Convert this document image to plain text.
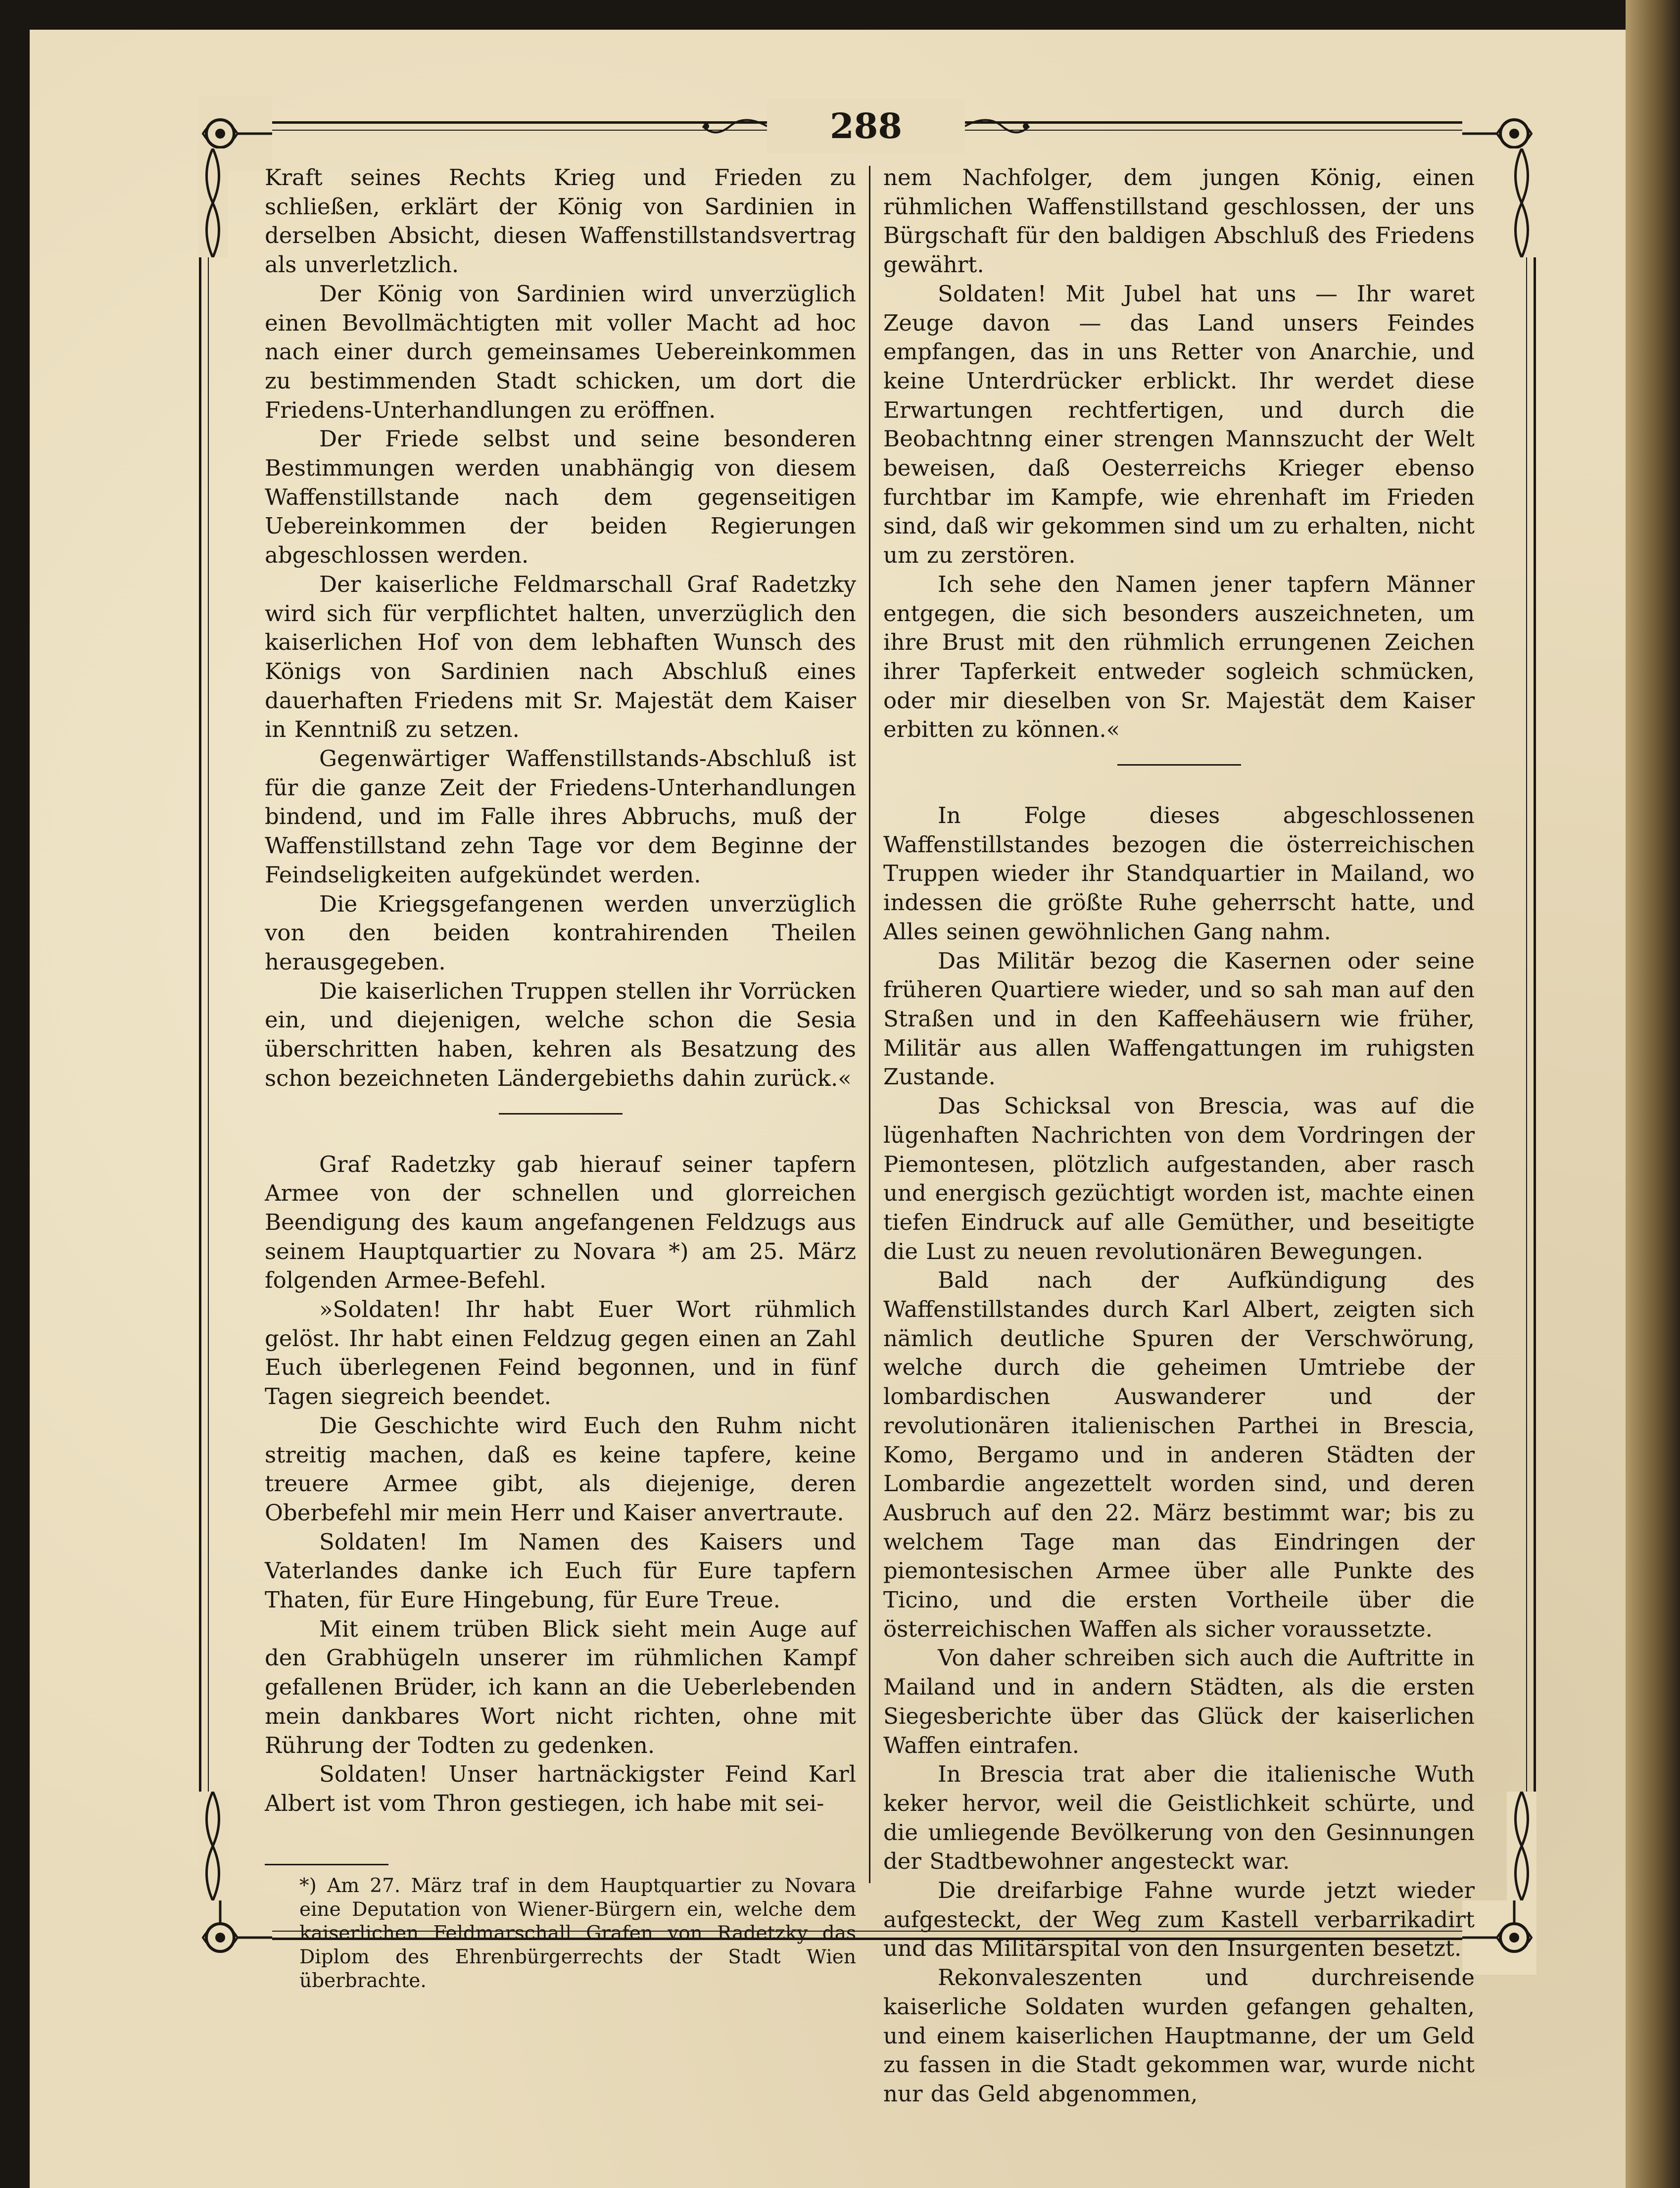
288

Kraft seines Rechts Krieg und Frieden zu schließen, erklärt der König von Sardinien in derselben Absicht, diesen Waffenstillstandsvertrag als unverletzlich.

Der König von Sardinien wird unverzüglich einen Bevollmächtigten mit voller Macht ad hoc nach einer durch gemeinsames Uebereinkommen zu bestimmenden Stadt schicken, um dort die Friedens-Unterhandlungen zu eröffnen.

Der Friede selbst und seine besonderen Bestimmungen werden unabhängig von diesem Waffenstillstande nach dem gegenseitigen Uebereinkommen der beiden Regierungen abgeschlossen werden.

Der kaiserliche Feldmarschall Graf Radetzky wird sich für verpflichtet halten, unverzüglich den kaiserlichen Hof von dem lebhaften Wunsch des Königs von Sardinien nach Abschluß eines dauerhaften Friedens mit Sr. Majestät dem Kaiser in Kenntniß zu setzen.

Gegenwärtiger Waffenstillstands-Abschluß ist für die ganze Zeit der Friedens-Unterhandlungen bindend, und im Falle ihres Abbruchs, muß der Waffenstillstand zehn Tage vor dem Beginne der Feindseligkeiten aufgekündet werden.

Die Kriegsgefangenen werden unverzüglich von den beiden kontrahirenden Theilen herausgegeben.

Die kaiserlichen Truppen stellen ihr Vorrücken ein, und diejenigen, welche schon die Sesia überschritten haben, kehren als Besatzung des schon bezeichneten Ländergebieths dahin zurück.«

Graf Radetzky gab hierauf seiner tapfern Armee von der schnellen und glorreichen Beendigung des kaum angefangenen Feldzugs aus seinem Hauptquartier zu Novara *) am 25. März folgenden Armee-Befehl.

»Soldaten! Ihr habt Euer Wort rühmlich gelöst. Ihr habt einen Feldzug gegen einen an Zahl Euch überlegenen Feind begonnen, und in fünf Tagen siegreich beendet.

Die Geschichte wird Euch den Ruhm nicht streitig machen, daß es keine tapfere, keine treuere Armee gibt, als diejenige, deren Oberbefehl mir mein Herr und Kaiser anvertraute.

Soldaten! Im Namen des Kaisers und Vaterlandes danke ich Euch für Eure tapfern Thaten, für Eure Hingebung, für Eure Treue.

Mit einem trüben Blick sieht mein Auge auf den Grabhügeln unserer im rühmlichen Kampf gefallenen Brüder, ich kann an die Ueberlebenden mein dankbares Wort nicht richten, ohne mit Rührung der Todten zu gedenken.

Soldaten! Unser hartnäckigster Feind Karl Albert ist vom Thron gestiegen, ich habe mit sei-

*) Am 27. März traf in dem Hauptquartier zu Novara eine Deputation von Wiener-Bürgern ein, welche dem kaiserlichen Feldmarschall Grafen von Radetzky das Diplom des Ehrenbürgerrechts der Stadt Wien überbrachte.

nem Nachfolger, dem jungen König, einen rühmlichen Waffenstillstand geschlossen, der uns Bürgschaft für den baldigen Abschluß des Friedens gewährt.

Soldaten! Mit Jubel hat uns — Ihr waret Zeuge davon — das Land unsers Feindes empfangen, das in uns Retter von Anarchie, und keine Unterdrücker erblickt. Ihr werdet diese Erwartungen rechtfertigen, und durch die Beobachtnng einer strengen Mannszucht der Welt beweisen, daß Oesterreichs Krieger ebenso furchtbar im Kampfe, wie ehrenhaft im Frieden sind, daß wir gekommen sind um zu erhalten, nicht um zu zerstören.

Ich sehe den Namen jener tapfern Männer entgegen, die sich besonders auszeichneten, um ihre Brust mit den rühmlich errungenen Zeichen ihrer Tapferkeit entweder sogleich schmücken, oder mir dieselben von Sr. Majestät dem Kaiser erbitten zu können.«

In Folge dieses abgeschlossenen Waffenstillstandes bezogen die österreichischen Truppen wieder ihr Standquartier in Mailand, wo indessen die größte Ruhe geherrscht hatte, und Alles seinen gewöhnlichen Gang nahm.

Das Militär bezog die Kasernen oder seine früheren Quartiere wieder, und so sah man auf den Straßen und in den Kaffeehäusern wie früher, Militär aus allen Waffengattungen im ruhigsten Zustande.

Das Schicksal von Brescia, was auf die lügenhaften Nachrichten von dem Vordringen der Piemontesen, plötzlich aufgestanden, aber rasch und energisch gezüchtigt worden ist, machte einen tiefen Eindruck auf alle Gemüther, und beseitigte die Lust zu neuen revolutionären Bewegungen.

Bald nach der Aufkündigung des Waffenstillstandes durch Karl Albert, zeigten sich nämlich deutliche Spuren der Verschwörung, welche durch die geheimen Umtriebe der lombardischen Auswanderer und der revolutionären italienischen Parthei in Brescia, Komo, Bergamo und in anderen Städten der Lombardie angezettelt worden sind, und deren Ausbruch auf den 22. März bestimmt war; bis zu welchem Tage man das Eindringen der piemontesischen Armee über alle Punkte des Ticino, und die ersten Vortheile über die österreichischen Waffen als sicher voraussetzte.

Von daher schreiben sich auch die Auftritte in Mailand und in andern Städten, als die ersten Siegesberichte über das Glück der kaiserlichen Waffen eintrafen.

In Brescia trat aber die italienische Wuth keker hervor, weil die Geistlichkeit schürte, und die umliegende Bevölkerung von den Gesinnungen der Stadtbewohner angesteckt war.

Die dreifarbige Fahne wurde jetzt wieder aufgesteckt, der Weg zum Kastell verbarrikadirt und das Militärspital von den Insurgenten besetzt.

Rekonvaleszenten und durchreisende kaiserliche Soldaten wurden gefangen gehalten, und einem kaiserlichen Hauptmanne, der um Geld zu fassen in die Stadt gekommen war, wurde nicht nur das Geld abgenommen,
